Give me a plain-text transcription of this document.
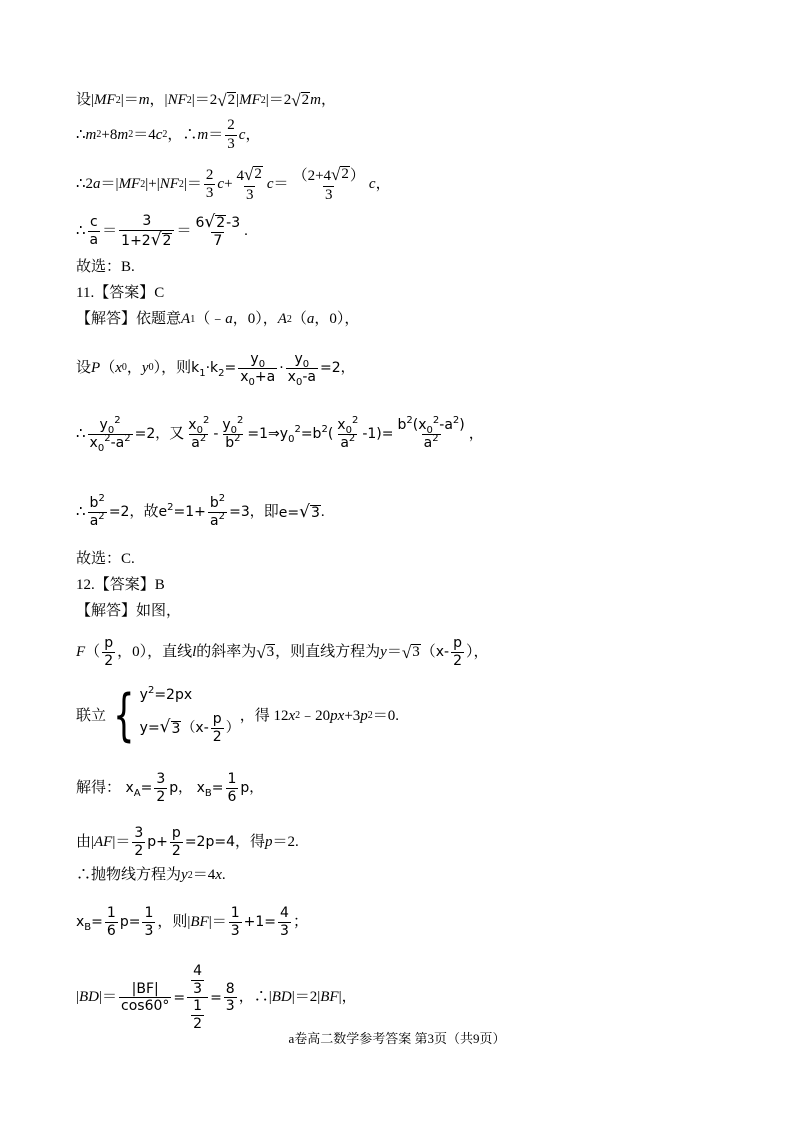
设| MF 2 |＝ m ，| NF 2 |＝2 √ 2 | MF 2 |＝2 √ 2 m ，
∴ m 2 +8 m 2 ＝4 c 2 ，∴ $m = \frac{2}{3}$ c ，
∴2 a ＝| MF 2 |+| NF 2 |＝ $\frac{2}{3}$ $c + \frac{4 √ 2}{3}$ $c = \frac{(2+4 √ 2 )}{3}$ c ，
∴ $\frac{c}{a} = \frac{3}{1+2 √ 2} = \frac{6 √ 2 -3}{7}$ .
故选：B.
11.【答案】C
【解答】依题意 A 1 （﹣ a ，0）， A 2 （ a ，0），
设 P （ x 0 ， y 0 ），则 $k_1\cdot k_2= \frac{y_0}{x_0+a} \cdot \frac{y_0}{x_0-a} =2$，
∴ $\frac{y_0^2}{x_0^2-a^2} =2$， 又 $\frac{x_0^2}{a^2} - \frac{y_0^2}{b^2}$ $=1\Rightarrow y_0^2=b^2( \frac{x_0^2}{a^2} -1)= \frac{b^2(x_0^2-a^2)}{a^2}$ ，
∴ $\frac{b^2}{a^2} =2$， 故 $e^2=1+ \frac{b^2}{a^2} =3$， 即 e= √ 3 .
故选：C.
12.【答案】B
【解答】如图，
F （ $\frac{p}{2}$ ，0），直线 l 的斜率为 √ 3 ，则直线方程为 y ＝ √ 3 （ $x- \frac{p}{2}$ ），
联立 { $y^2=2px$
y= √ 3 （$x- \frac{p}{2}$ ）
，得 12 x 2 ﹣20 px +3 p 2 ＝0.
解得： $x_A= \frac{3}{2}$ p， $x_B= \frac{1}{6}$ p，
由| AF |＝ $\frac{3}{2} p+ \frac{p}{2} =2p=4$ ，得 p ＝2.
∴抛物线方程为 y 2 ＝4 x .
$x_B= \frac{1}{6} p= \frac{1}{3}$ ，则| BF |＝ $\frac{1}{3} +1= \frac{4}{3}$ ；
| BD |＝ $\frac{|BF|}{\cos 60^\circ} = \frac{\frac{4}{3}}{\frac{1}{2}} = \frac{8}{3}$ ，∴| BD |＝2| BF |，
a卷高二数学参考答案 第3页（共9页）
